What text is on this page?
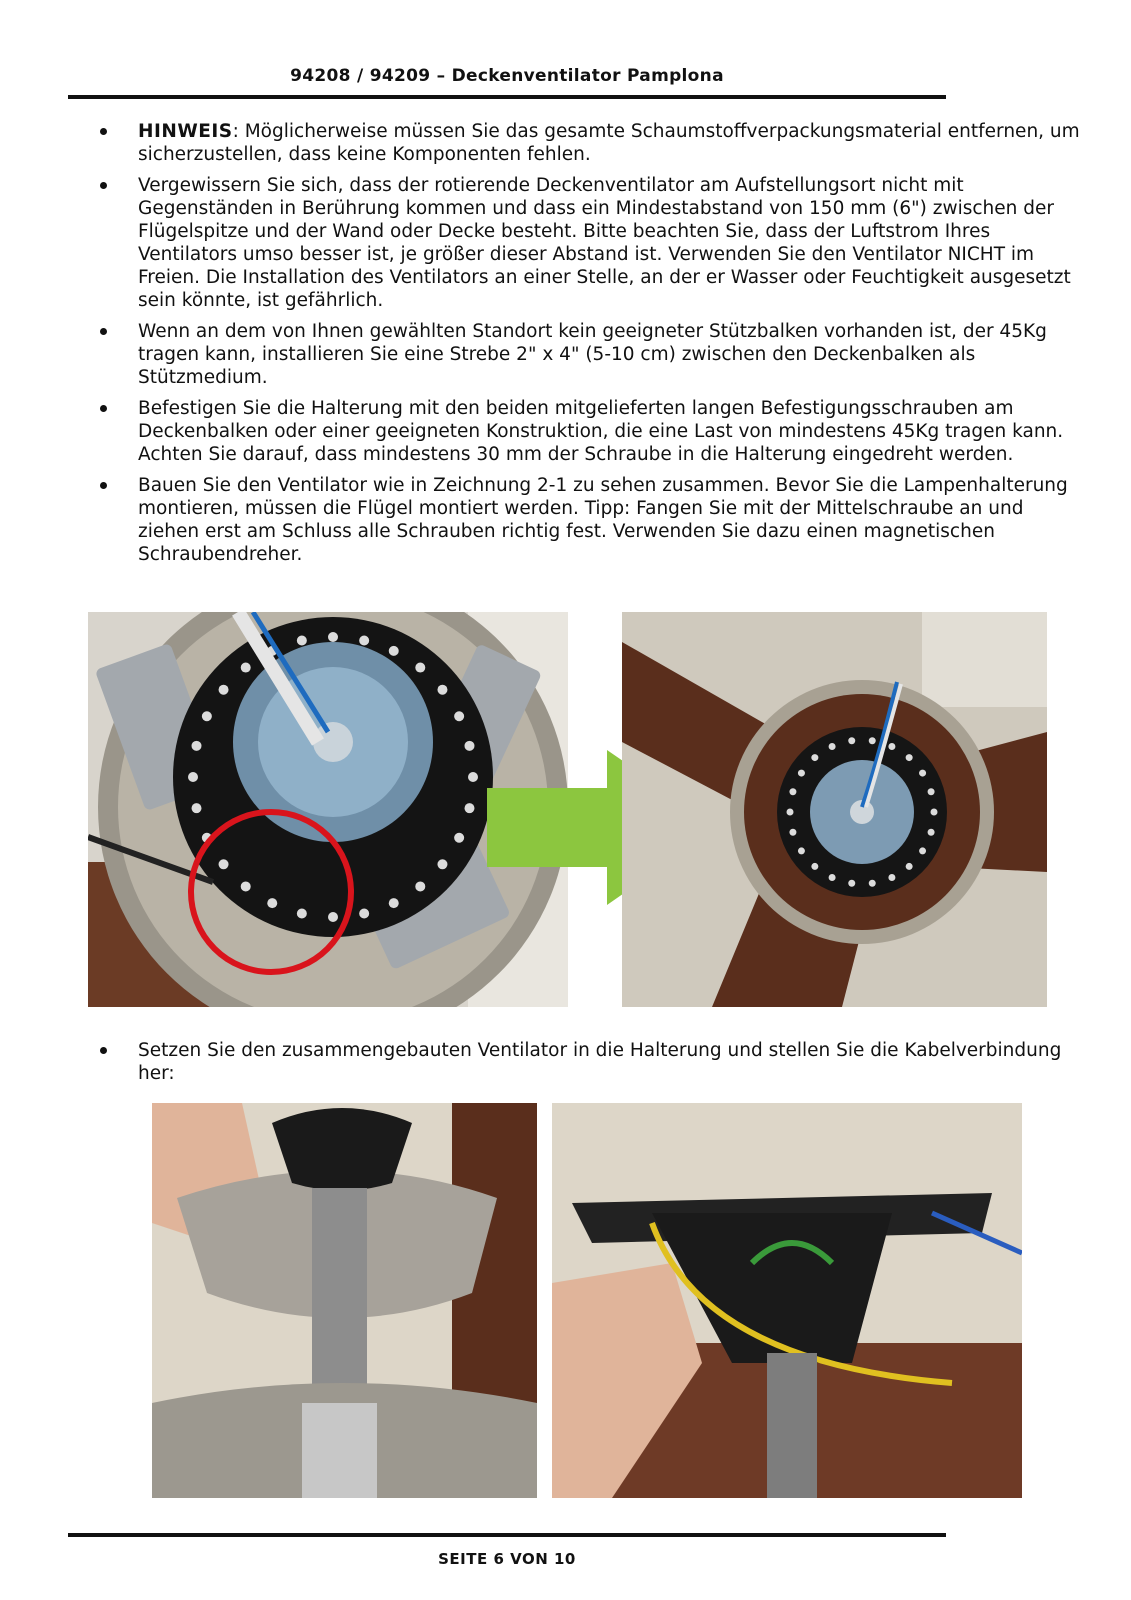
94208 / 94209 – Deckenventilator Pamplona
HINWEIS: Möglicherweise müssen Sie das gesamte Schaumstoffverpackungsmaterial entfernen, um sicherzustellen, dass keine Komponenten fehlen.
Vergewissern Sie sich, dass der rotierende Deckenventilator am Aufstellungsort nicht mit Gegenständen in Berührung kommen und dass ein Mindestabstand von 150 mm (6") zwischen der Flügelspitze und der Wand oder Decke besteht. Bitte beachten Sie, dass der Luftstrom Ihres Ventilators umso besser ist, je größer dieser Abstand ist. Verwenden Sie den Ventilator NICHT im Freien. Die Installation des Ventilators an einer Stelle, an der er Wasser oder Feuchtigkeit ausgesetzt sein könnte, ist gefährlich.
Wenn an dem von Ihnen gewählten Standort kein geeigneter Stützbalken vorhanden ist, der 45Kg tragen kann, installieren Sie eine Strebe 2" x 4" (5-10 cm) zwischen den Deckenbalken als Stützmedium.
Befestigen Sie die Halterung mit den beiden mitgelieferten langen Befestigungsschrauben am Deckenbalken oder einer geeigneten Konstruktion, die eine Last von mindestens 45Kg tragen kann. Achten Sie darauf, dass mindestens 30 mm der Schraube in die Halterung eingedreht werden.
Bauen Sie den Ventilator wie in Zeichnung 2-1 zu sehen zusammen. Bevor Sie die Lampenhalterung montieren, müssen die Flügel montiert werden. Tipp: Fangen Sie mit der Mittelschraube an und ziehen erst am Schluss alle Schrauben richtig fest. Verwenden Sie dazu einen magnetischen Schraubendreher.
Setzen Sie den zusammengebauten Ventilator in die Halterung und stellen Sie die Kabelverbindung her:
SEITE 6 VON 10
